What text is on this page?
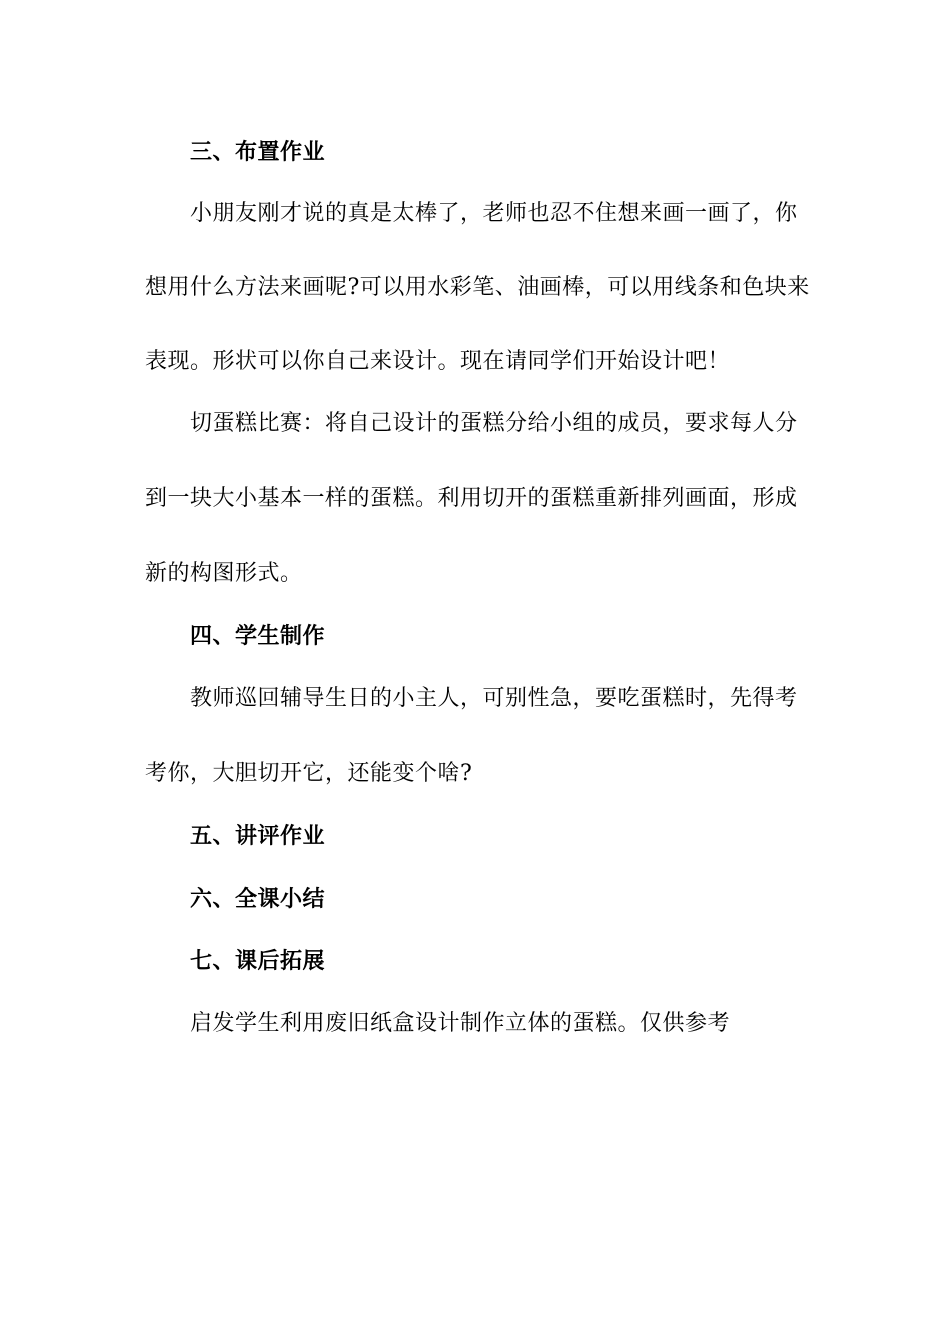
三、布置作业
小朋友刚才说的真是太棒了，老师也忍不住想来画一画了，你
想用什么方法来画呢?可以用水彩笔、油画棒，可以用线条和色块来
表现。形状可以你自己来设计。现在请同学们开始设计吧！
切蛋糕比赛：将自己设计的蛋糕分给小组的成员，要求每人分
到一块大小基本一样的蛋糕。利用切开的蛋糕重新排列画面，形成
新的构图形式。
四、学生制作
教师巡回辅导生日的小主人，可别性急，要吃蛋糕时，先得考
考你，大胆切开它，还能变个啥?
五、讲评作业
六、全课小结
七、课后拓展
启发学生利用废旧纸盒设计制作立体的蛋糕。仅供参考
